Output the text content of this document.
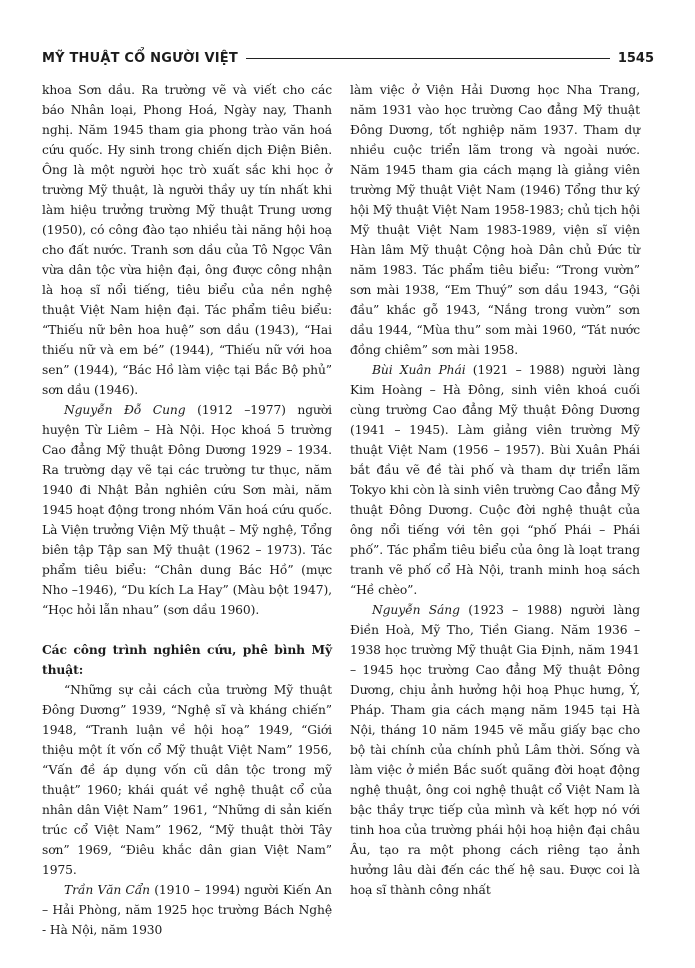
MỸ THUẬT CỔ NGƯỜI VIỆT	1545

khoa Sơn dầu. Ra trường vẽ và viết cho các báo Nhân loại, Phong Hoá, Ngày nay, Thanh nghị. Năm 1945 tham gia phong trào văn hoá cứu quốc. Hy sinh trong chiến dịch Điện Biên. Ông là một người học trò xuất sắc khi học ở trường Mỹ thuật, là người thầy uy tín nhất khi làm hiệu trưởng trường Mỹ thuật Trung ương (1950), có công đào tạo nhiều tài năng hội hoạ cho đất nước. Tranh sơn dầu của Tô Ngọc Vân vừa dân tộc vừa hiện đại, ông được công nhận là hoạ sĩ nổi tiếng, tiêu biểu của nền nghệ thuật Việt Nam hiện đại. Tác phẩm tiêu biểu: “Thiếu nữ bên hoa huệ” sơn dầu (1943), “Hai thiếu nữ và em bé” (1944), “Thiếu nữ với hoa sen” (1944), “Bác Hồ làm việc tại Bắc Bộ phủ” sơn dầu (1946).

Nguyễn Đỗ Cung (1912 –1977) người huyện Từ Liêm – Hà Nội. Học khoá 5 trường Cao đẳng Mỹ thuật Đông Dương 1929 – 1934. Ra trường dạy vẽ tại các trường tư thục, năm 1940 đi Nhật Bản nghiên cứu Sơn mài, năm 1945 hoạt động trong nhóm Văn hoá cứu quốc. Là Viện trưởng Viện Mỹ thuật – Mỹ nghệ, Tổng biên tập Tập san Mỹ thuật (1962 – 1973). Tác phẩm tiêu biểu: “Chân dung Bác Hồ” (mực Nho –1946), “Du kích La Hay” (Màu bột 1947), “Học hỏi lẫn nhau” (sơn dầu 1960).

Các công trình nghiên cứu, phê bình Mỹ thuật:

“Những sự cải cách của trường Mỹ thuật Đông Dương” 1939, “Nghệ sĩ và kháng chiến” 1948, “Tranh luận về hội hoạ” 1949, “Giới thiệu một ít vốn cổ Mỹ thuật Việt Nam” 1956, “Vấn đề áp dụng vốn cũ dân tộc trong mỹ thuật” 1960; khái quát về nghệ thuật cổ của nhân dân Việt Nam” 1961, “Những di sản kiến trúc cổ Việt Nam” 1962, “Mỹ thuật thời Tây sơn” 1969, “Điêu khắc dân gian Việt Nam” 1975.

Trần Văn Cẩn (1910 – 1994) người Kiến An – Hải Phòng, năm 1925 học trường Bách Nghệ - Hà Nội, năm 1930

làm việc ở Viện Hải Dương học Nha Trang, năm 1931 vào học trường Cao đẳng Mỹ thuật Đông Dương, tốt nghiệp năm 1937. Tham dự nhiều cuộc triển lãm trong và ngoài nước. Năm 1945 tham gia cách mạng là giảng viên trường Mỹ thuật Việt Nam (1946) Tổng thư ký hội Mỹ thuật Việt Nam 1958-1983; chủ tịch hội Mỹ thuật Việt Nam 1983-1989, viện sĩ viện Hàn lâm Mỹ thuật Cộng hoà Dân chủ Đức từ năm 1983. Tác phẩm tiêu biểu: “Trong vườn” sơn mài 1938, “Em Thuý” sơn dầu 1943, “Gội đầu” khắc gỗ 1943, “Nắng trong vườn” sơn dầu 1944, “Mùa thu” som mài 1960, “Tát nước đồng chiêm” sơn mài 1958.

Bùi Xuân Phái (1921 – 1988) người làng Kim Hoàng – Hà Đông, sinh viên khoá cuối cùng trường Cao đẳng Mỹ thuật Đông Dương (1941 – 1945). Làm giảng viên trường Mỹ thuật Việt Nam (1956 – 1957). Bùi Xuân Phái bắt đầu vẽ đề tài phố và tham dự triển lãm Tokyo khi còn là sinh viên trường Cao đẳng Mỹ thuật Đông Dương. Cuộc đời nghệ thuật của ông nổi tiếng với tên gọi “phố Phái – Phái phố”. Tác phẩm tiêu biểu của ông là loạt trang tranh vẽ phố cổ Hà Nội, tranh minh hoạ sách “Hề chèo”.

Nguyễn Sáng (1923 – 1988) người làng Điền Hoà, Mỹ Tho, Tiền Giang. Năm 1936 – 1938 học trường Mỹ thuật Gia Định, năm 1941 – 1945 học trường Cao đẳng Mỹ thuật Đông Dương, chịu ảnh hưởng hội hoạ Phục hưng, Ý, Pháp. Tham gia cách mạng năm 1945 tại Hà Nội, tháng 10 năm 1945 vẽ mẫu giấy bạc cho bộ tài chính của chính phủ Lâm thời. Sống và làm việc ở miền Bắc suốt quãng đời hoạt động nghệ thuật, ông coi nghệ thuật cổ Việt Nam là bậc thầy trực tiếp của mình và kết hợp nó với tinh hoa của trường phái hội hoạ hiện đại châu Âu, tạo ra một phong cách riêng tạo ảnh hưởng lâu dài đến các thế hệ sau. Được coi là hoạ sĩ thành công nhất
